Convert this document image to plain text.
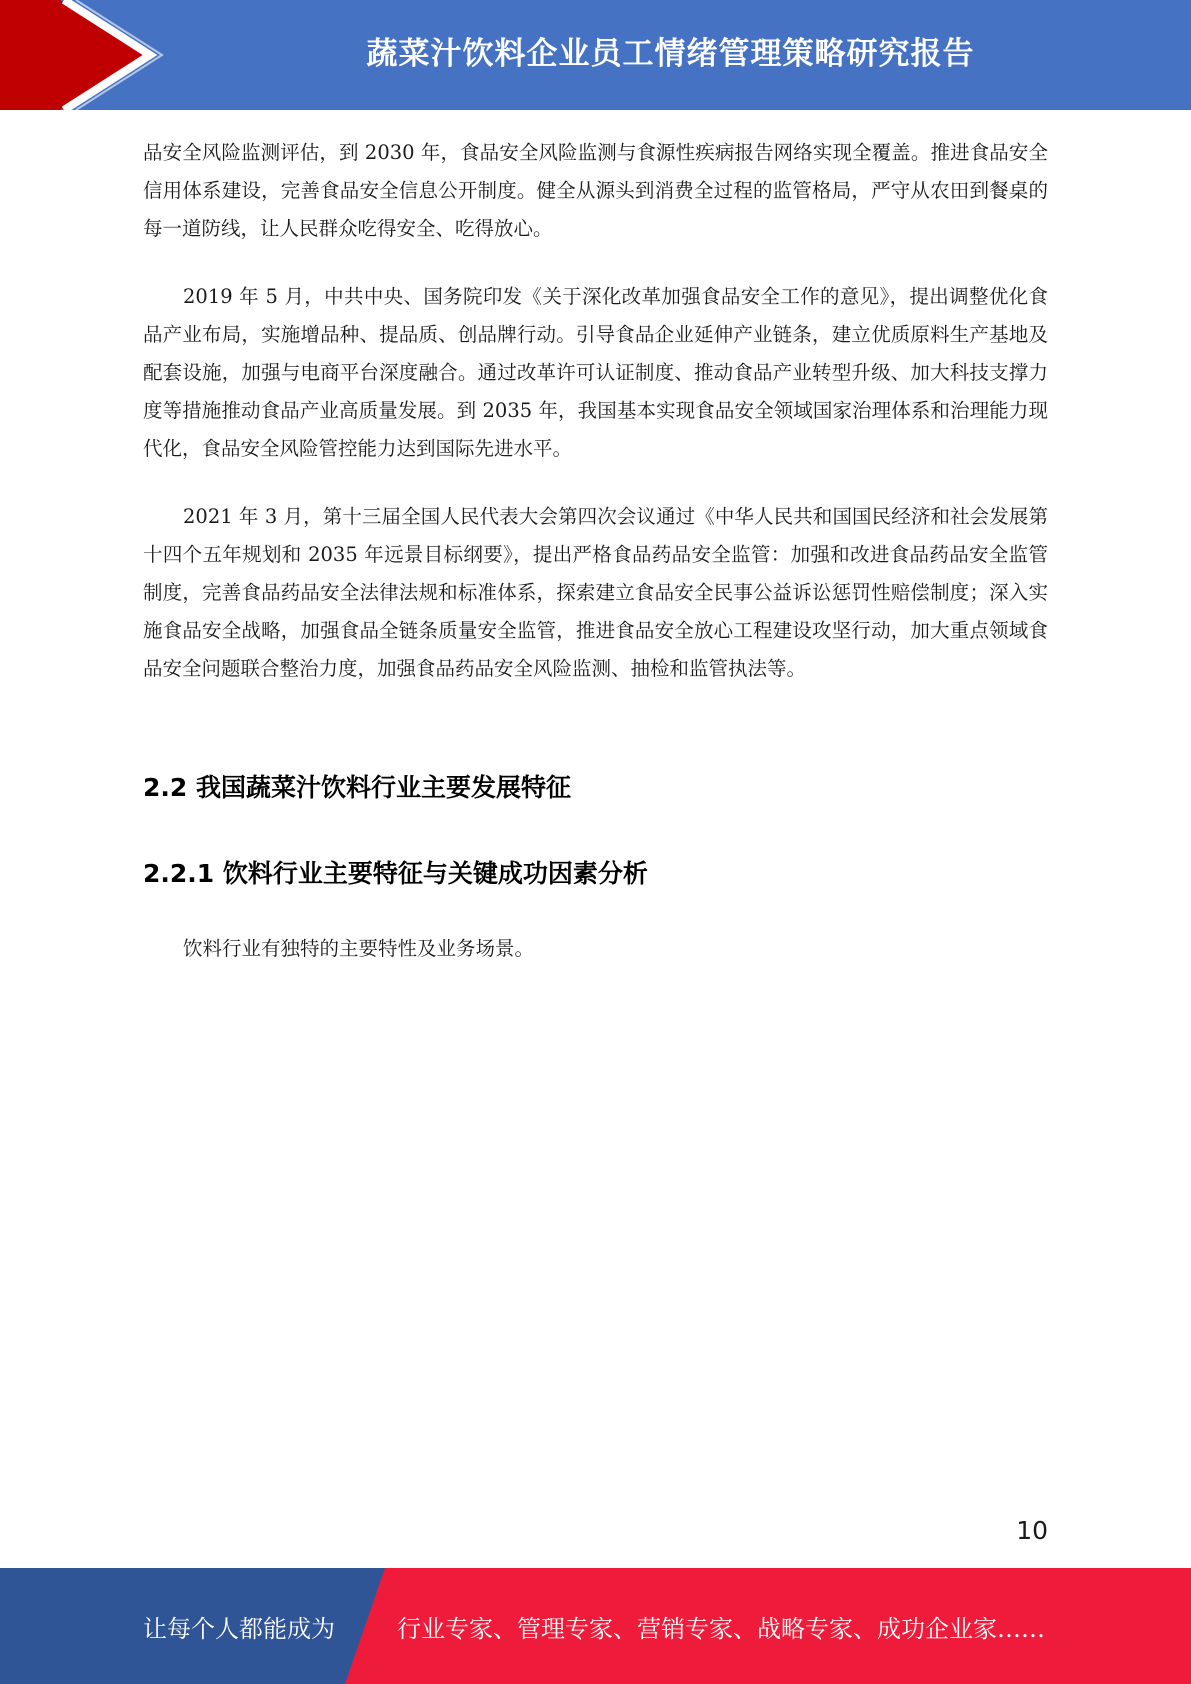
蔬菜汁饮料企业员工情绪管理策略研究报告

品安全风险监测评估，到 2030 年，食品安全风险监测与食源性疾病报告网络实现全覆盖。推进食品安全信用体系建设，完善食品安全信息公开制度。健全从源头到消费全过程的监管格局，严守从农田到餐桌的每一道防线，让人民群众吃得安全、吃得放心。

2019 年 5 月，中共中央、国务院印发《关于深化改革加强食品安全工作的意见》，提出调整优化食品产业布局，实施增品种、提品质、创品牌行动。引导食品企业延伸产业链条，建立优质原料生产基地及配套设施，加强与电商平台深度融合。通过改革许可认证制度、推动食品产业转型升级、加大科技支撑力度等措施推动食品产业高质量发展。到 2035 年，我国基本实现食品安全领域国家治理体系和治理能力现代化，食品安全风险管控能力达到国际先进水平。

2021 年 3 月，第十三届全国人民代表大会第四次会议通过《中华人民共和国国民经济和社会发展第十四个五年规划和 2035 年远景目标纲要》，提出严格食品药品安全监管：加强和改进食品药品安全监管制度，完善食品药品安全法律法规和标准体系，探索建立食品安全民事公益诉讼惩罚性赔偿制度；深入实施食品安全战略，加强食品全链条质量安全监管，推进食品安全放心工程建设攻坚行动，加大重点领域食品安全问题联合整治力度，加强食品药品安全风险监测、抽检和监管执法等。

2.2 我国蔬菜汁饮料行业主要发展特征
2.2.1 饮料行业主要特征与关键成功因素分析

饮料行业有独特的主要特性及业务场景。

10
让每个人都能成为	行业专家、管理专家、营销专家、战略专家、成功企业家……
